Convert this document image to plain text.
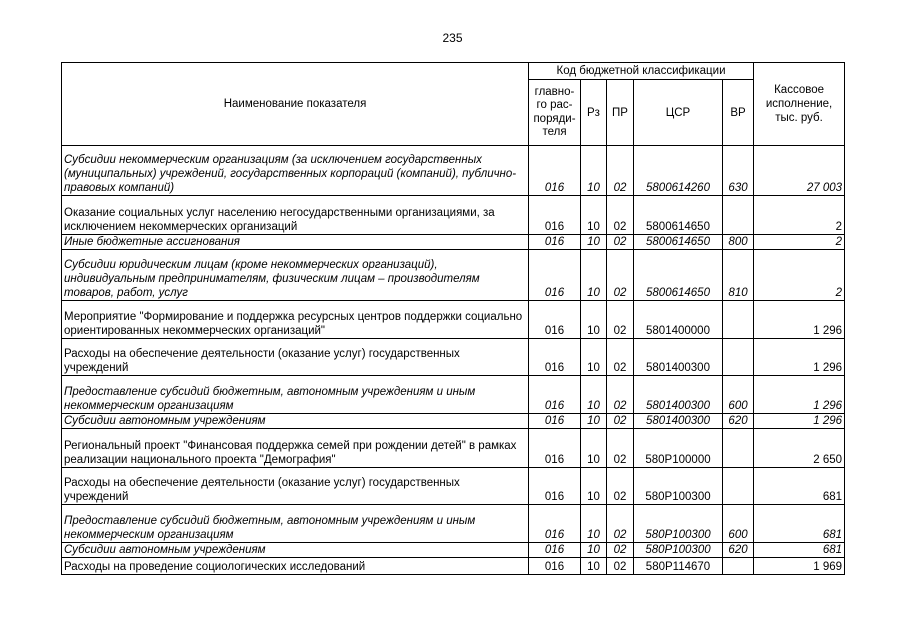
235
Наименование показателя	Код бюджетной классификации					Кассовое исполнение, тыс. руб.
	главно-го рас-поряди-теля	Рз	ПР	ЦСР	ВР	
Субсидии некоммерческим организациям (за исключением государственных (муниципальных) учреждений, государственных корпораций (компаний), публично-правовых компаний)	016	10	02	5800614260	630	27 003
Оказание социальных услуг населению негосударственными организациями, за исключением некоммерческих организаций	016	10	02	5800614650		2
Иные бюджетные ассигнования	016	10	02	5800614650	800	2
Субсидии юридическим лицам (кроме некоммерческих организаций), индивидуальным предпринимателям, физическим лицам – производителям товаров, работ, услуг	016	10	02	5800614650	810	2
Мероприятие "Формирование и поддержка ресурсных центров поддержки социально ориентированных некоммерческих организаций"	016	10	02	5801400000		1 296
Расходы на обеспечение деятельности (оказание услуг) государственных учреждений	016	10	02	5801400300		1 296
Предоставление субсидий бюджетным, автономным учреждениям и иным некоммерческим организациям	016	10	02	5801400300	600	1 296
Субсидии автономным учреждениям	016	10	02	5801400300	620	1 296
Региональный проект "Финансовая поддержка семей при рождении детей" в рамках реализации национального проекта "Демография"	016	10	02	580P100000		2 650
Расходы на обеспечение деятельности (оказание услуг) государственных учреждений	016	10	02	580P100300		681
Предоставление субсидий бюджетным, автономным учреждениям и иным некоммерческим организациям	016	10	02	580P100300	600	681
Субсидии автономным учреждениям	016	10	02	580P100300	620	681
Расходы на проведение социологических исследований	016	10	02	580P114670		1 969
